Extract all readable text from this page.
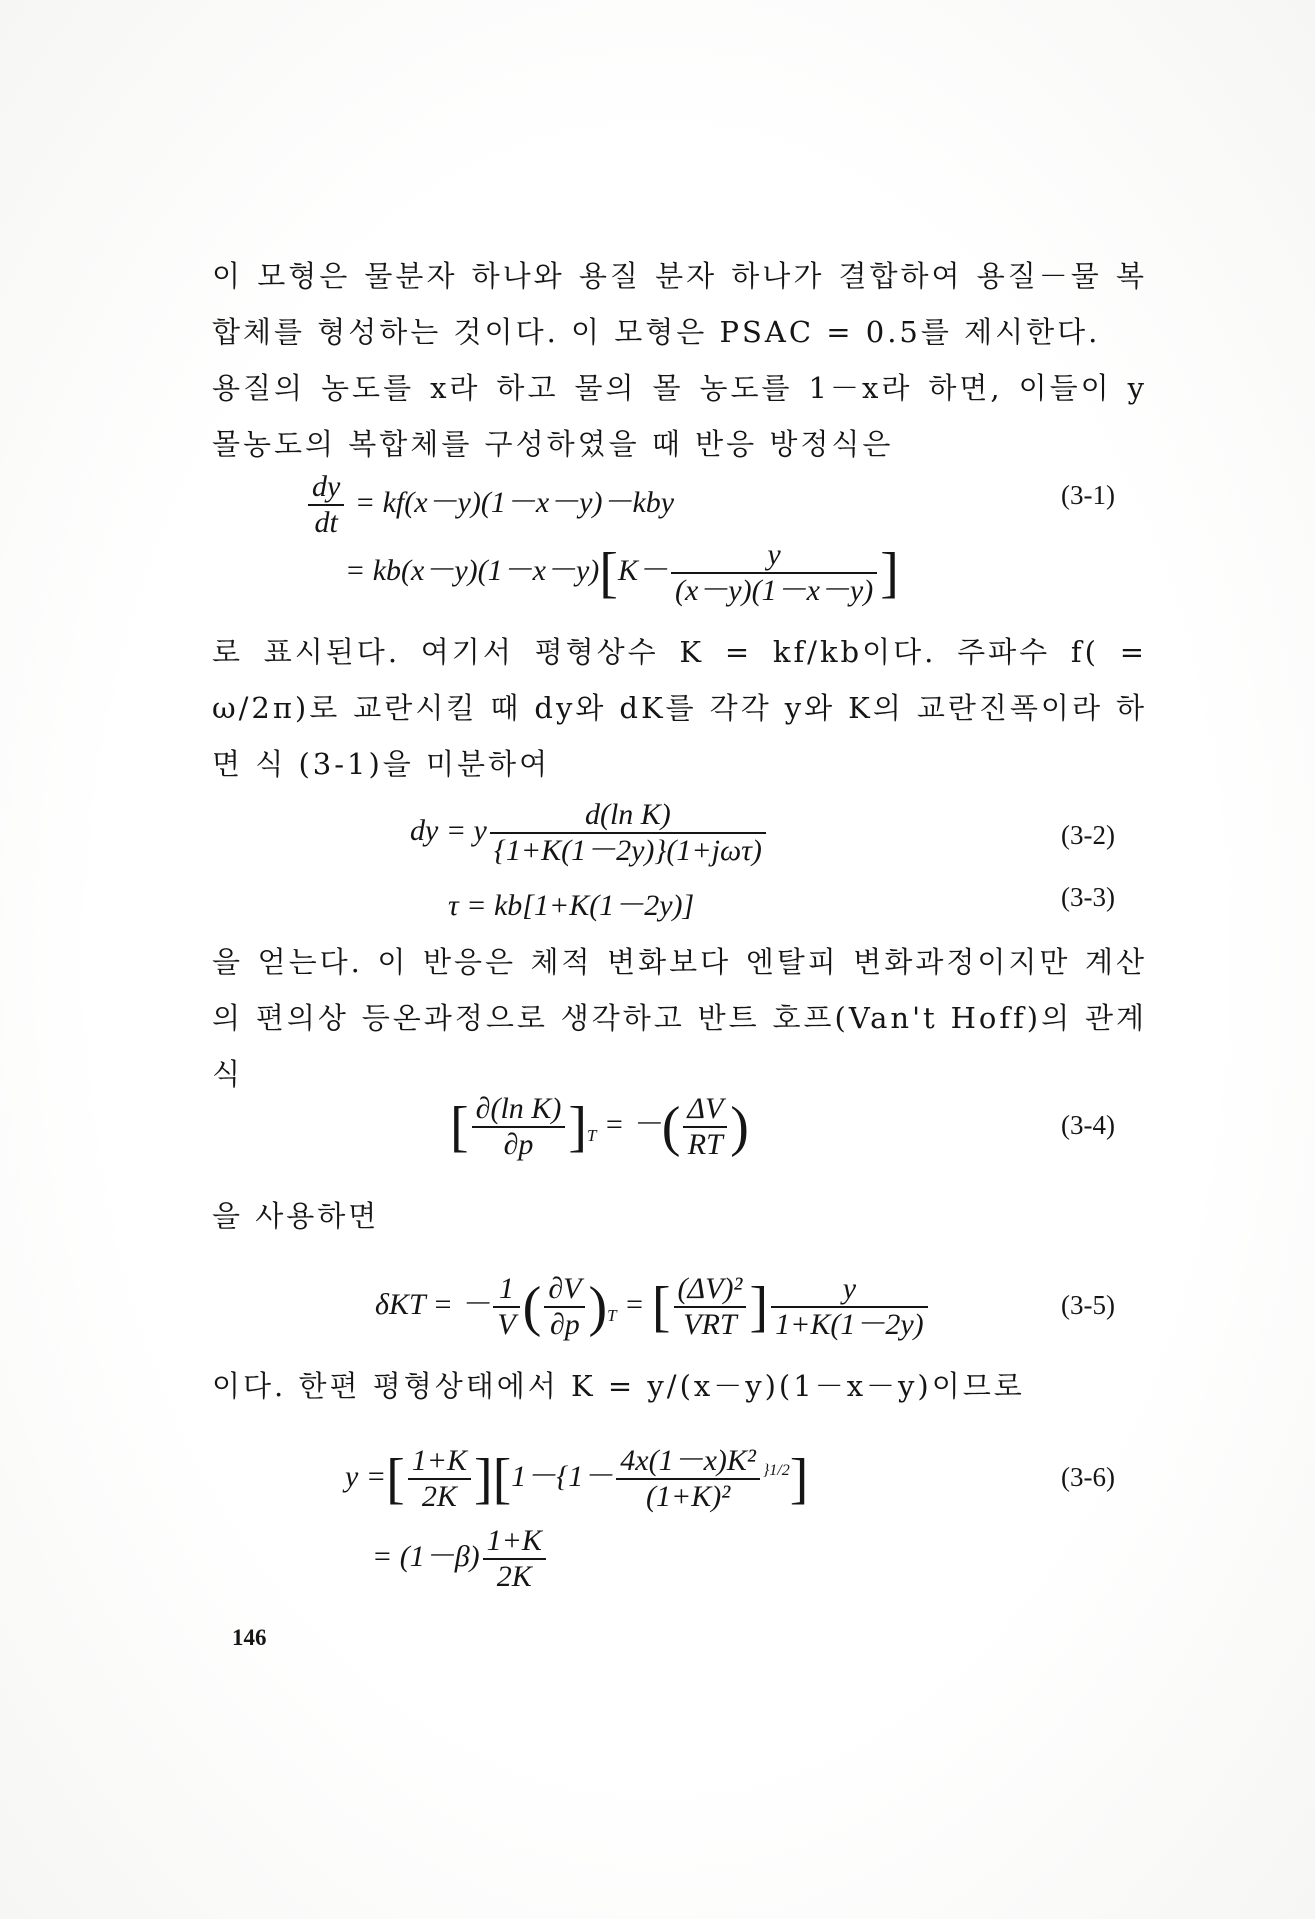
이 모형은 물분자 하나와 용질 분자 하나가 결합하여 용질－물 복합체를 형성하는 것이다. 이 모형은 PSAC = 0.5를 제시한다.

용질의 농도를 x라 하고 물의 몰 농도를 1－x라 하면, 이들이 y 몰농도의 복합체를 구성하였을 때 반응 방정식은

$\frac{dy}{dt} = kf(x-y)(1-x-y)-kby$	(3-1)
= $kb(x-y)(1-x-y)[K- \frac{y}{(x-y)(1-x-y)}$ ]

로 표시된다. 여기서 평형상수 K = kf/kb이다. 주파수 f( = ω/2π)로 교란시킬 때 dy와 dK를 각각 y와 K의 교란진폭이라 하면 식 (3-1)을 미분하여

dy = y $\frac{\text{d(ln K)}}{\text{\{1+K(1－2y)\}(1+jωτ)}}$	(3-2)
τ = kb[1+K(1－2y)]	(3-3)

을 얻는다. 이 반응은 체적 변화보다 엔탈피 변화과정이지만 계산의 편의상 등온과정으로 생각하고 반트 호프(Van't Hoff)의 관계식

[ $\frac{\text{∂(ln K)}}{\partial p} ]_T$ = －( $\frac{\Delta V}{RT}$ )	(3-4)

을 사용하면

δKT = － $\frac{1}{V}$ ( $\frac{\partial V}{\partial p} )_T$ = [ $\frac{\text{(ΔV)²}}{\text{VRT}}$ ] $\frac{y}{1+K(1-2y)}$	(3-5)

이다. 한편 평형상태에서 K = y/(x－y)(1－x－y)이므로

y =[ $\frac{1+K}{2K} ][1-\{1- \frac{\text{4x(1－x)K²}}{\text{(1+K)²}} ^{\}1/2}]$	(3-6)
= $(1-\beta) \frac{1+K}{2K}$
146
